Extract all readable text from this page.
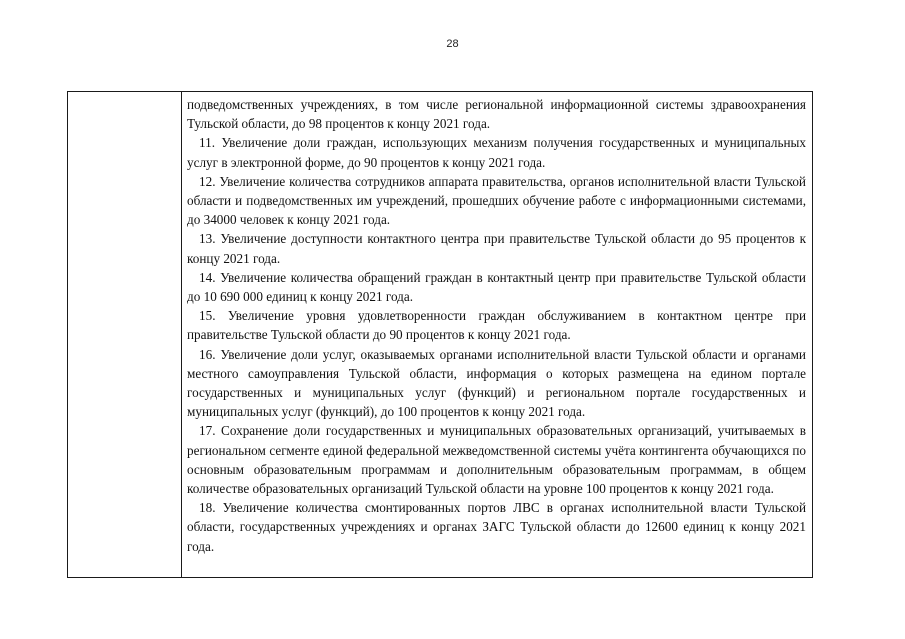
28

подведомственных учреждениях, в том числе региональной информационной системы здравоохранения Тульской области, до 98 процентов к концу 2021 года.

11. Увеличение доли граждан, использующих механизм получения государственных и муниципальных услуг в электронной форме, до 90 процентов к концу 2021 года.

12. Увеличение количества сотрудников аппарата правительства, органов исполнительной власти Тульской области и подведомственных им учреждений, прошедших обучение работе с информационными системами, до 34000 человек к концу 2021 года.

13. Увеличение доступности контактного центра при правительстве Тульской области до 95 процентов к концу 2021 года.

14. Увеличение количества обращений граждан в контактный центр при правительстве Тульской области до 10 690 000 единиц к концу 2021 года.

15. Увеличение уровня удовлетворенности граждан обслуживанием в контактном центре при правительстве Тульской области до 90 процентов к концу 2021 года.

16. Увеличение доли услуг, оказываемых органами исполнительной власти Тульской области и органами местного самоуправления Тульской области, информация о которых размещена на едином портале государственных и муниципальных услуг (функций) и региональном портале государственных и муниципальных услуг (функций), до 100 процентов к концу 2021 года.

17. Сохранение доли государственных и муниципальных образовательных организаций, учитываемых в региональном сегменте единой федеральной межведомственной системы учёта контингента обучающихся по основным образовательным программам и дополнительным образовательным программам, в общем количестве образовательных организаций Тульской области на уровне 100 процентов к концу 2021 года.

18. Увеличение количества смонтированных портов ЛВС в органах исполнительной власти Тульской области, государственных учреждениях и органах ЗАГС Тульской области до 12600 единиц к концу 2021 года.
